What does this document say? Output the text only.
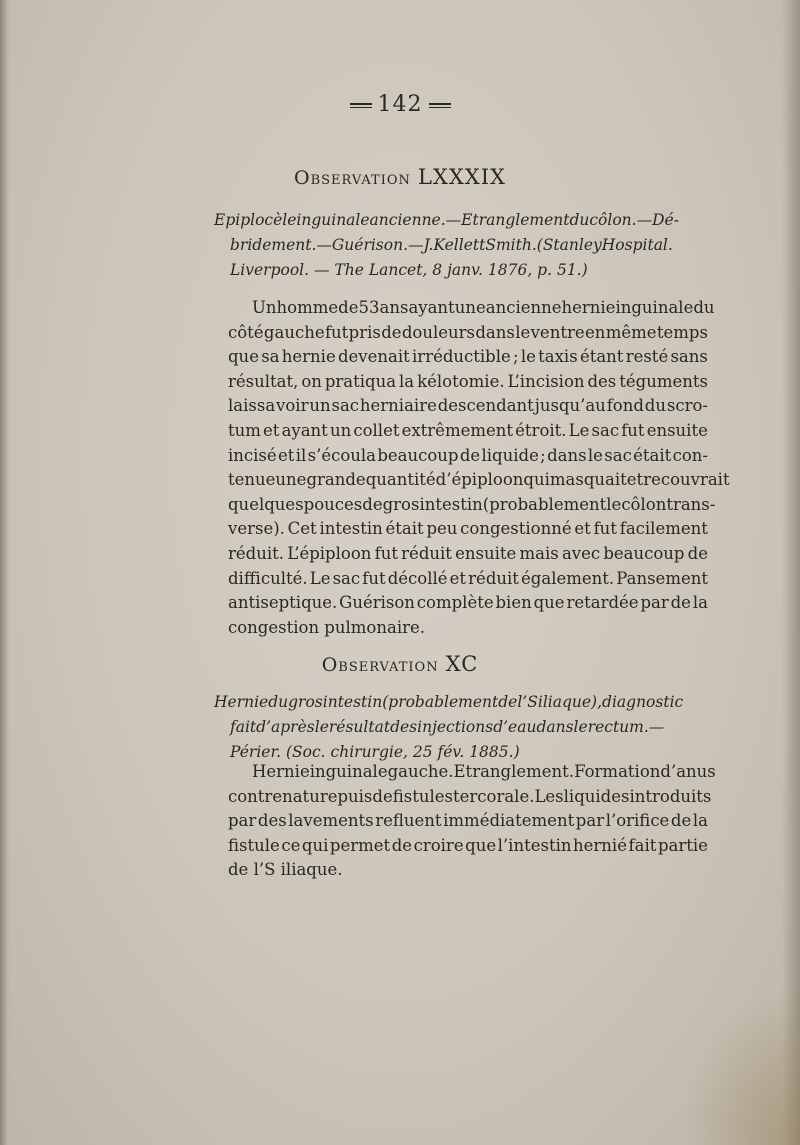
142
Observation LXXXIX
Epiplocèleinguinaleancienne.—Etranglementducôlon.—Dé-
bridement.—Guérison.—J.KellettSmith.(StanleyHospital.
Liverpool. — The Lancet, 8 janv. 1876, p. 51.)
Un homme de 53 ans ayant une ancienne hernie inguinale du
côté gauche fut pris de douleurs dans le ventre en même temps
que sa hernie devenait irréductible ; le taxis étant resté sans
résultat, on pratiqua la kélotomie. L’incision des téguments
laissa voir un sac herniaire descendant jusqu’au fond du scro-
tum et ayant un collet extrêmement étroit. Le sac fut ensuite
incisé et il s’écoula beaucoup de liquide ; dans le sac était con-
tenue une grande quantité d’épiploon qui masquait et recouvrait
quelques pouces de gros intestin (probablement le côlon trans-
verse). Cet intestin était peu congestionné et fut facilement
réduit. L’épiploon fut réduit ensuite mais avec beaucoup de
difficulté. Le sac fut décollé et réduit également. Pansement
antiseptique. Guérison complète bien que retardée par de la
congestion pulmonaire.
Observation XC
Herniedugrosintestin(probablementdel’Siliaque),diagnostic
faitd’aprèslerésultatdesinjectionsd’eaudanslerectum.—
Périer. (Soc. chirurgie, 25 fév. 1885.)
Hernie inguinale gauche. Etranglement. Formation d’anus
contre nature puis de fistule stercorale. Les liquides introduits
par des lavements refluent immédiatement par l’orifice de la
fistule ce qui permet de croire que l’intestin hernié fait partie
de l’S iliaque.
